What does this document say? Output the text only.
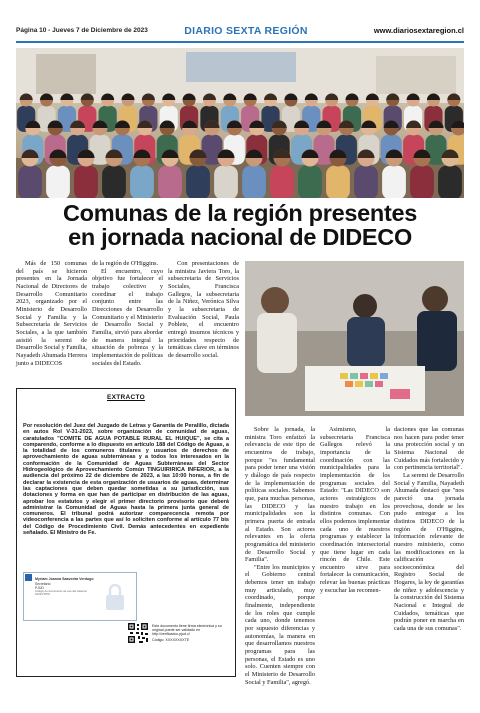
Página 10 - Jueves 7 de Diciembre de 2023	DIARIO SEXTA REGIÓN	www.diariosextaregion.cl
Comunas de la región presentes
en jornada nacional de DIDECO

Más de 150 comunas del país se hicieron presentes en la Jornada Nacional de Directores de Desarrollo Comunitario 2023, organizado por el Ministerio de Desarrollo Social y Familia y la Subsecretaría de Servicios Sociales, a la que también asistió la seremi de Desarrollo Social y Familia, Nayadeth Ahumada Herrera junto a DIDECOS

de la región de O'Higgins.

El encuentro, cuyo objetivo fue fortalecer el trabajo colectivo y coordinar el trabajo conjunto entre las Direcciones de Desarrollo Comunitario y el Ministerio de Desarrollo Social y Familia, sirvió para abordar de manera integral la situación de pobreza y la implementación de políticas sociales del Estado.

Con presentaciones de la ministra Javiera Toro, la subsecretaria de Servicios Sociales, Francisca Gallegos, la subsecretaria de la Niñez, Verónica Silva y la subsecretaria de Evaluación Social, Paula Poblete, el encuentro entregó insumos técnicos y prioridades respecto de temáticas clave en términos de desarrollo social.

Sobre la jornada, la ministra Toro enfatizó la relevancia de este tipo de encuentros de trabajo, porque "es fundamental para poder tener una visión y diálogo de país respecto de la implementación de políticas sociales. Sabemos que, para muchas personas, las DIDECO y las municipalidades son la primera puerta de entrada al Estado. Son actores relevantes en la oferta programática del ministerio de Desarrollo Social y Familia".

"Entre los municipios y el Gobierno central debemos tener un trabajo muy articulado, muy coordinado, porque finalmente, independiente de los roles que cumple cada uno, donde tenemos por supuesto diferencias y autonomías, la manera en que desarrollamos nuestros programas para las personas, el Estado es uno solo. Cuenten siempre con el Ministerio de Desarrollo Social y Familia", agregó.

Asimismo, la subsecretaria Francisca Gallegos relevó la importancia de la coordinación con las municipalidades para la implementación de los programas sociales del Estado: "Las DIDECO son actores estratégicos de nuestro trabajo en los distintos comunas. Con ellos podemos implementar cada uno de nuestros programas y establecer la coordinación intersectorial que tiene lugar en cada rincón de Chile. Este encuentro sirve para fortalecer la comunicación, relevar las buenas prácticas y escuchar las recomen-

daciones que las comunas nos hacen para poder tener una protección social y un Sistema Nacional de Cuidados más fortalecido y con pertinencia territorial".

La seremi de Desarrollo Social y Familia, Nayadeth Ahumada destacó que "nos pareció una jornada provechosa, donde se les pudo entregar a los distintos DIDECO de la región de O'Higgins, información relevante de nuestro ministerio, como las modificaciones en la calificación socioeconómica del Registro Social de Hogares, la ley de garantías de niñez y adolescencia y la construcción del Sistema Nacional e Integral de Cuidados, temáticas que podrán poner en marcha en cada una de sus comunas".

EXTRACTO
Por resolución del Juez del Juzgado de Letras y Garantía de Peralillo, dictada en autos Rol V-31-2023, sobre organización de comunidad de aguas, caratulados "COMITE DE AGUA POTABLE RURAL EL HUIQUE", se cita a comparendo, conforme a lo dispuesto en artículo 188 del Código de Aguas, a la totalidad de los comuneros titulares y usuarios de derechos de aprovechamiento de aguas subterráneas y a todos los interesados en la conformación de la Comunidad de Aguas Subterráneas del Sector Hidrogeológico de Aprovechamiento Común TINGUIRIRICA INFERIOR, a la audiencia del próximo 22 de diciembre de 2023, a las 10:00 horas, a fin de declarar la existencia de esta organización de usuarios de aguas, determinar las captaciones que deben quedar sometidas a su jurisdicción, sus dotaciones y forma en que han de participar en distribución de las aguas, aprobar los estatutos y elegir el primer directorio provisorio que deberá administrar la Comunidad de Aguas hasta la primera junta general de comuneros. El tribunal podrá autorizar comparecencia remota por videoconferencia a las partes que así lo soliciten conforme al artículo 77 bis del Código de Procedimiento Civil. Demás antecedentes en expediente señalado. El Ministro de Fe.
Myriam Joanna Saavedra Verdugo
Secretario
PJUD
Código de documento de uso del sistema: 01234 5678
Este documento tiene firma electrónica y su original puede ser validado en http://verificadoc.pjud.cl
Código: XXXXXXXXTE
